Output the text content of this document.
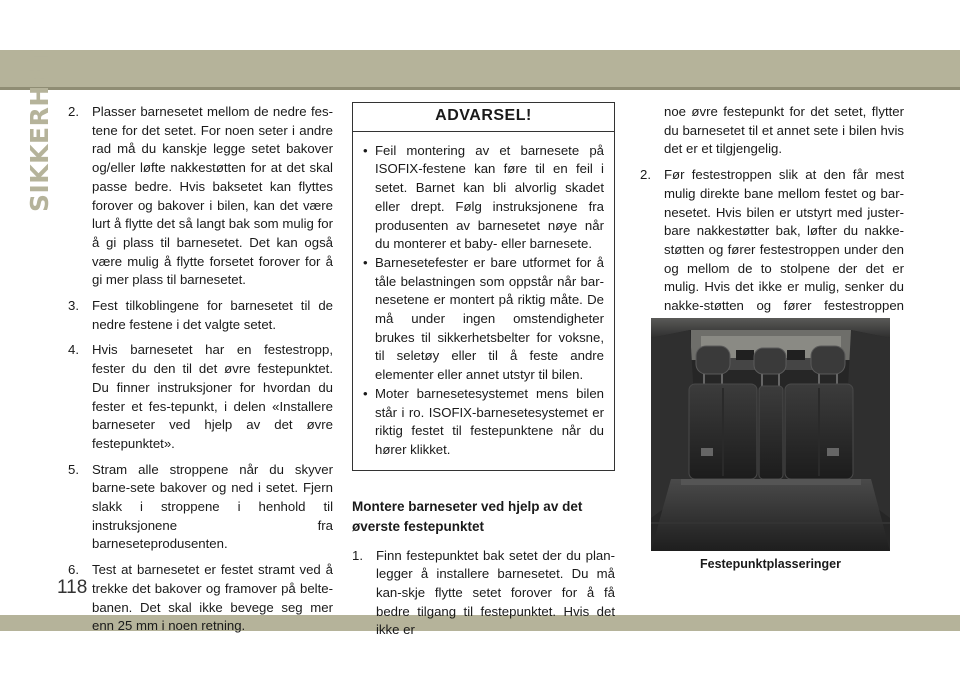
SIKKERHET
118
2. Plasser barnesetet mellom de nedre fes-tene for det setet. For noen seter i andre rad må du kanskje legge setet bakover og/eller løfte nakkestøtten for at det skal passe bedre. Hvis baksetet kan flyttes forover og bakover i bilen, kan det være lurt å flytte det så langt bak som mulig for å gi plass til barnesetet. Det kan også være mulig å flytte forsetet forover for å gi mer plass til barnesetet.
3. Fest tilkoblingene for barnesetet til de nedre festene i det valgte setet.
4. Hvis barnesetet har en festestropp, fester du den til det øvre festepunktet. Du finner instruksjoner for hvordan du fester et fes-tepunkt, i delen «Installere barneseter ved hjelp av det øvre festepunktet».
5. Stram alle stroppene når du skyver barne-sete bakover og ned i setet. Fjern slakk i stroppene i henhold til instruksjonene fra barneseteprodusenten.
6. Test at barnesetet er festet stramt ved å trekke det bakover og framover på belte-banen. Det skal ikke bevege seg mer enn 25 mm i noen retning.
ADVARSEL!
• Feil montering av et barnesete på ISOFIX-festene kan føre til en feil i setet. Barnet kan bli alvorlig skadet eller drept. Følg instruksjonene fra produsenten av barnesetet nøye når du monterer et baby- eller barnesete.
• Barnesetefester er bare utformet for å tåle belastningen som oppstår når bar-nesetene er montert på riktig måte. De må under ingen omstendigheter brukes til sikkerhetsbelter for voksne, til seletøy eller til å feste andre elementer eller annet utstyr til bilen.
• Moter barnesetesystemet mens bilen står i ro. ISOFIX-barnesetesystemet er riktig festet til festepunktene når du hører klikket.
Montere barneseter ved hjelp av det øverste festepunktet
1. Finn festepunktet bak setet der du plan-legger å installere barnesetet. Du må kan-skje flytte setet forover for å få bedre tilgang til festepunktet. Hvis det ikke er
noe øvre festepunkt for det setet, flytter du barnesetet til et annet sete i bilen hvis det er et tilgjengelig.
2. Før festestroppen slik at den får mest mulig direkte bane mellom festet og bar-nesetet. Hvis bilen er utstyrt med juster-bare nakkestøtter bak, løfter du nakke-støtten og fører festestroppen under den og mellom de to stolpene der det er mulig. Hvis det ikke er mulig, senker du nakke-støtten og fører festestroppen
Festepunktplasseringer
